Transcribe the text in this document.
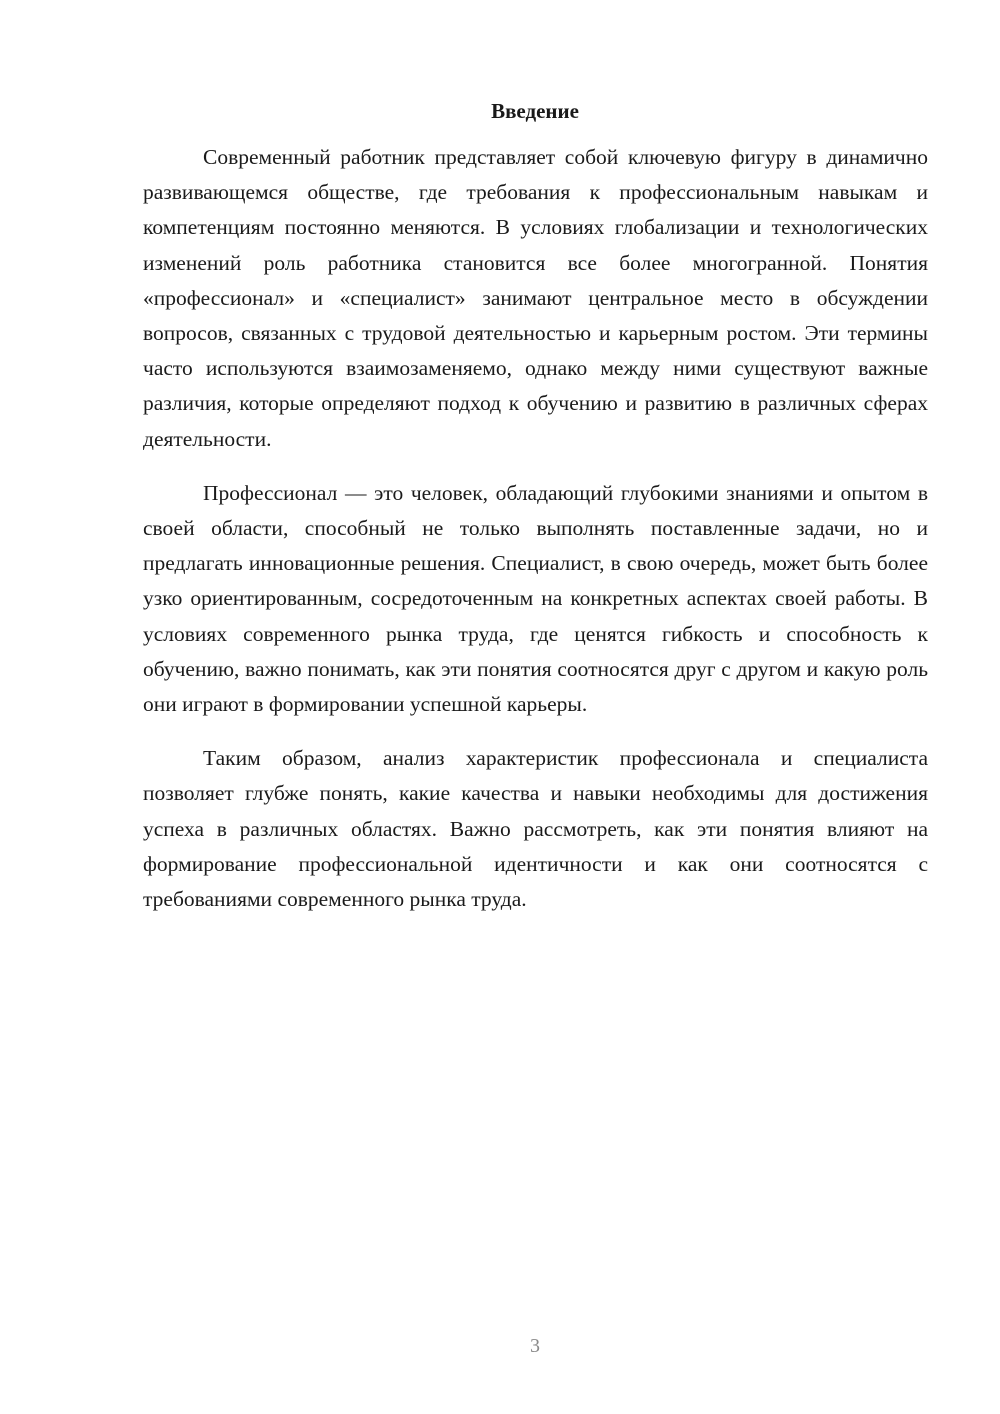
Введение

Современный работник представляет собой ключевую фигуру в динамично развивающемся обществе, где требования к профессиональным навыкам и компетенциям постоянно меняются. В условиях глобализации и технологических изменений роль работника становится все более многогранной. Понятия «профессионал» и «специалист» занимают центральное место в обсуждении вопросов, связанных с трудовой деятельностью и карьерным ростом. Эти термины часто используются взаимозаменяемо, однако между ними существуют важные различия, которые определяют подход к обучению и развитию в различных сферах деятельности.

Профессионал — это человек, обладающий глубокими знаниями и опытом в своей области, способный не только выполнять поставленные задачи, но и предлагать инновационные решения. Специалист, в свою очередь, может быть более узко ориентированным, сосредоточенным на конкретных аспектах своей работы. В условиях современного рынка труда, где ценятся гибкость и способность к обучению, важно понимать, как эти понятия соотносятся друг с другом и какую роль они играют в формировании успешной карьеры.

Таким образом, анализ характеристик профессионала и специалиста позволяет глубже понять, какие качества и навыки необходимы для достижения успеха в различных областях. Важно рассмотреть, как эти понятия влияют на формирование профессиональной идентичности и как они соотносятся с требованиями современного рынка труда.

3
